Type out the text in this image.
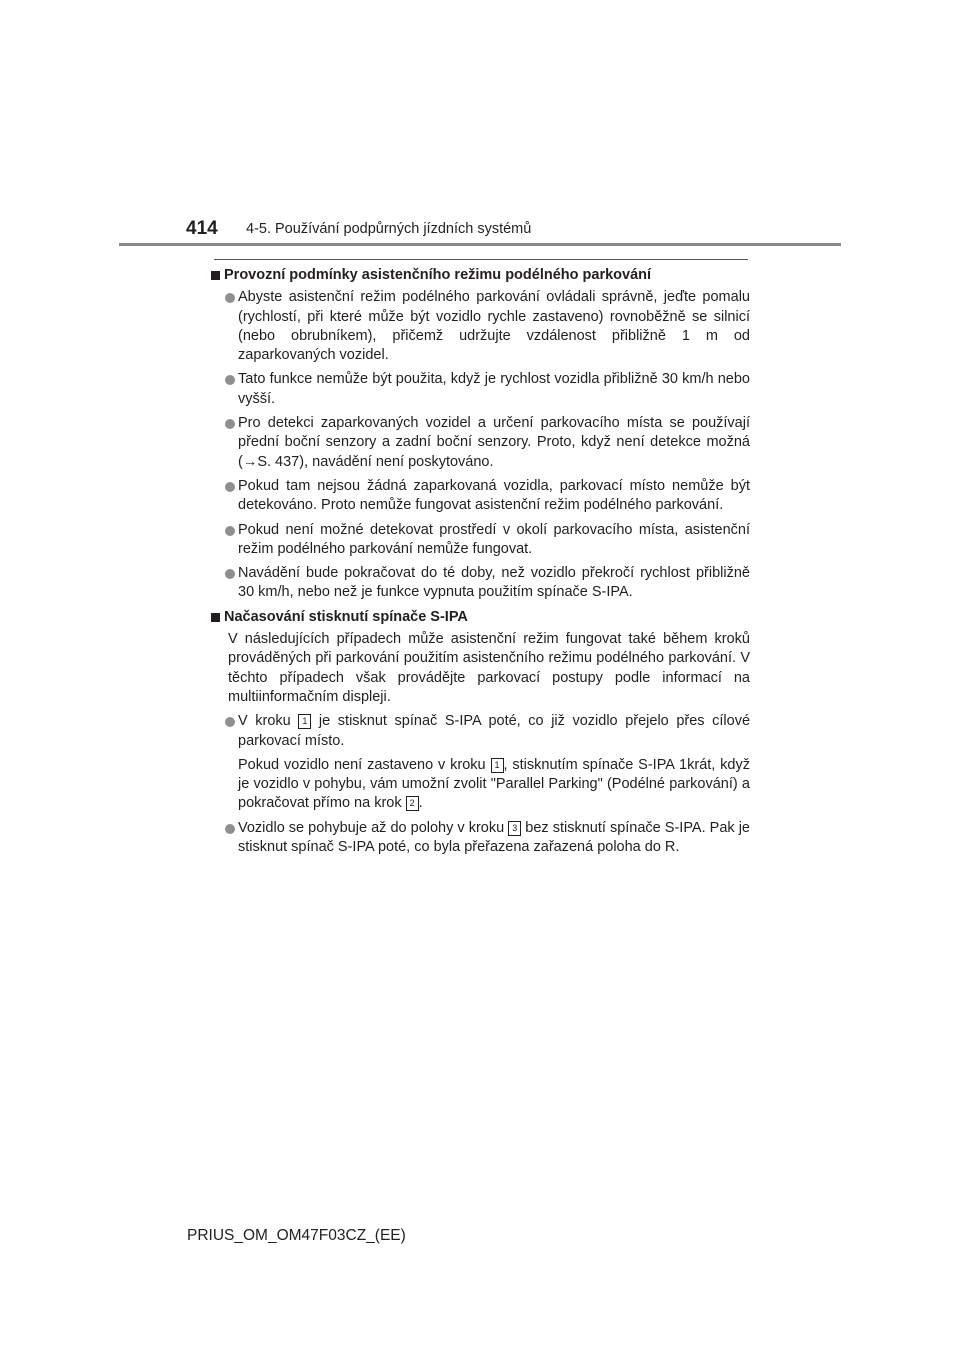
414 4-5. Používání podpůrných jízdních systémů
Provozní podmínky asistenčního režimu podélného parkování
Abyste asistenční režim podélného parkování ovládali správně, jeďte pomalu (rychlostí, při které může být vozidlo rychle zastaveno) rovnoběžně se silnicí (nebo obrubníkem), přičemž udržujte vzdálenost přibližně 1 m od zaparkovaných vozidel.
Tato funkce nemůže být použita, když je rychlost vozidla přibližně 30 km/h nebo vyšší.
Pro detekci zaparkovaných vozidel a určení parkovacího místa se používají přední boční senzory a zadní boční senzory. Proto, když není detekce možná (→S. 437), navádění není poskytováno.
Pokud tam nejsou žádná zaparkovaná vozidla, parkovací místo nemůže být detekováno. Proto nemůže fungovat asistenční režim podélného parkování.
Pokud není možné detekovat prostředí v okolí parkovacího místa, asistenční režim podélného parkování nemůže fungovat.
Navádění bude pokračovat do té doby, než vozidlo překročí rychlost přibližně 30 km/h, nebo než je funkce vypnuta použitím spínače S-IPA.
Načasování stisknutí spínače S-IPA
V následujících případech může asistenční režim fungovat také během kroků prováděných při parkování použitím asistenčního režimu podélného parkování. V těchto případech však provádějte parkovací postupy podle informací na multiinformačním displeji.
V kroku 1 je stisknut spínač S-IPA poté, co již vozidlo přejelo přes cílové parkovací místo.
Pokud vozidlo není zastaveno v kroku 1 , stisknutím spínače S-IPA 1krát, když je vozidlo v pohybu, vám umožní zvolit "Parallel Parking" (Podélné parkování) a pokračovat přímo na krok 2 .
Vozidlo se pohybuje až do polohy v kroku 3 bez stisknutí spínače S-IPA. Pak je stisknut spínač S-IPA poté, co byla přeřazena zařazená poloha do R.
PRIUS_OM_OM47F03CZ_(EE)
